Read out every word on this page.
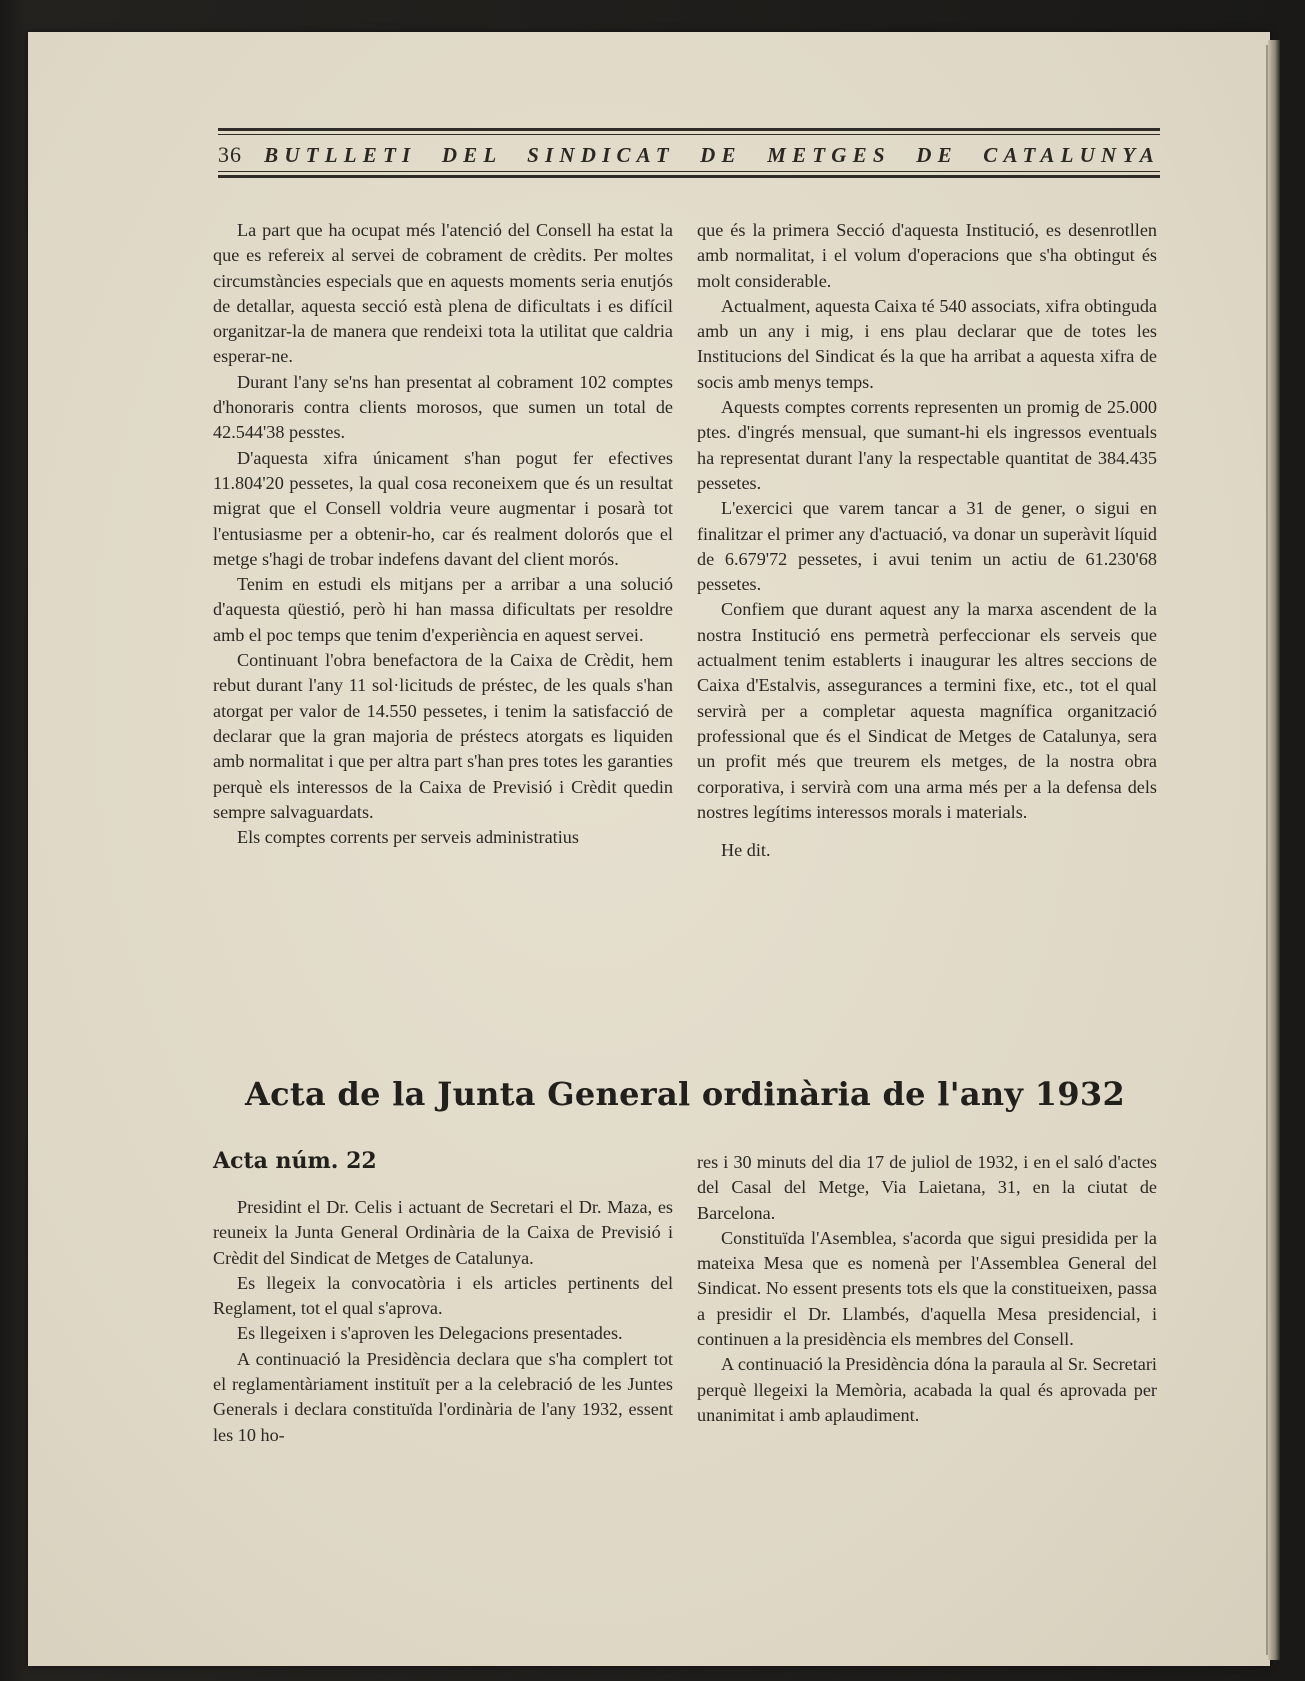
36	BUTLLETI DEL SINDICAT DE METGES DE CATALUNYA

La part que ha ocupat més l'atenció del Consell ha estat la que es refereix al servei de cobrament de crèdits. Per moltes circumstàncies especials que en aquests moments seria enutjós de detallar, aquesta secció està plena de dificultats i es difícil organitzar-la de manera que rendeixi tota la utilitat que caldria esperar-ne.

Durant l'any se'ns han presentat al cobrament 102 comptes d'honoraris contra clients morosos, que sumen un total de 42.544'38 pesstes.

D'aquesta xifra únicament s'han pogut fer efectives 11.804'20 pessetes, la qual cosa reconeixem que és un resultat migrat que el Consell voldria veure augmentar i posarà tot l'entusiasme per a obtenir-ho, car és realment dolorós que el metge s'hagi de trobar indefens davant del client morós.

Tenim en estudi els mitjans per a arribar a una solució d'aquesta qüestió, però hi han massa dificultats per resoldre amb el poc temps que tenim d'experiència en aquest servei.

Continuant l'obra benefactora de la Caixa de Crèdit, hem rebut durant l'any 11 sol·licituds de préstec, de les quals s'han atorgat per valor de 14.550 pessetes, i tenim la satisfacció de declarar que la gran majoria de préstecs atorgats es liquiden amb normalitat i que per altra part s'han pres totes les garanties perquè els interessos de la Caixa de Previsió i Crèdit quedin sempre salvaguardats.

Els comptes corrents per serveis administratius

que és la primera Secció d'aquesta Institució, es desenrotllen amb normalitat, i el volum d'operacions que s'ha obtingut és molt considerable.

Actualment, aquesta Caixa té 540 associats, xifra obtinguda amb un any i mig, i ens plau declarar que de totes les Institucions del Sindicat és la que ha arribat a aquesta xifra de socis amb menys temps.

Aquests comptes corrents representen un promig de 25.000 ptes. d'ingrés mensual, que sumant-hi els ingressos eventuals ha representat durant l'any la respectable quantitat de 384.435 pessetes.

L'exercici que varem tancar a 31 de gener, o sigui en finalitzar el primer any d'actuació, va donar un superàvit líquid de 6.679'72 pessetes, i avui tenim un actiu de 61.230'68 pessetes.

Confiem que durant aquest any la marxa ascendent de la nostra Institució ens permetrà perfeccionar els serveis que actualment tenim establerts i inaugurar les altres seccions de Caixa d'Estalvis, assegurances a termini fixe, etc., tot el qual servirà per a completar aquesta magnífica organització professional que és el Sindicat de Metges de Catalunya, sera un profit més que treurem els metges, de la nostra obra corporativa, i servirà com una arma més per a la defensa dels nostres legítims interessos morals i materials.

He dit.

Acta de la Junta General ordinària de l'any 1932
Acta núm. 22

Presidint el Dr. Celis i actuant de Secretari el Dr. Maza, es reuneix la Junta General Ordinària de la Caixa de Previsió i Crèdit del Sindicat de Metges de Catalunya.

Es llegeix la convocatòria i els articles pertinents del Reglament, tot el qual s'aprova.

Es llegeixen i s'aproven les Delegacions presentades.

A continuació la Presidència declara que s'ha complert tot el reglamentàriament instituït per a la celebració de les Juntes Generals i declara constituïda l'ordinària de l'any 1932, essent les 10 ho-

res i 30 minuts del dia 17 de juliol de 1932, i en el saló d'actes del Casal del Metge, Via Laietana, 31, en la ciutat de Barcelona.

Constituïda l'Asemblea, s'acorda que sigui presidida per la mateixa Mesa que es nomenà per l'Assemblea General del Sindicat. No essent presents tots els que la constitueixen, passa a presidir el Dr. Llambés, d'aquella Mesa presidencial, i continuen a la presidència els membres del Consell.

A continuació la Presidència dóna la paraula al Sr. Secretari perquè llegeixi la Memòria, acabada la qual és aprovada per unanimitat i amb aplaudiment.
